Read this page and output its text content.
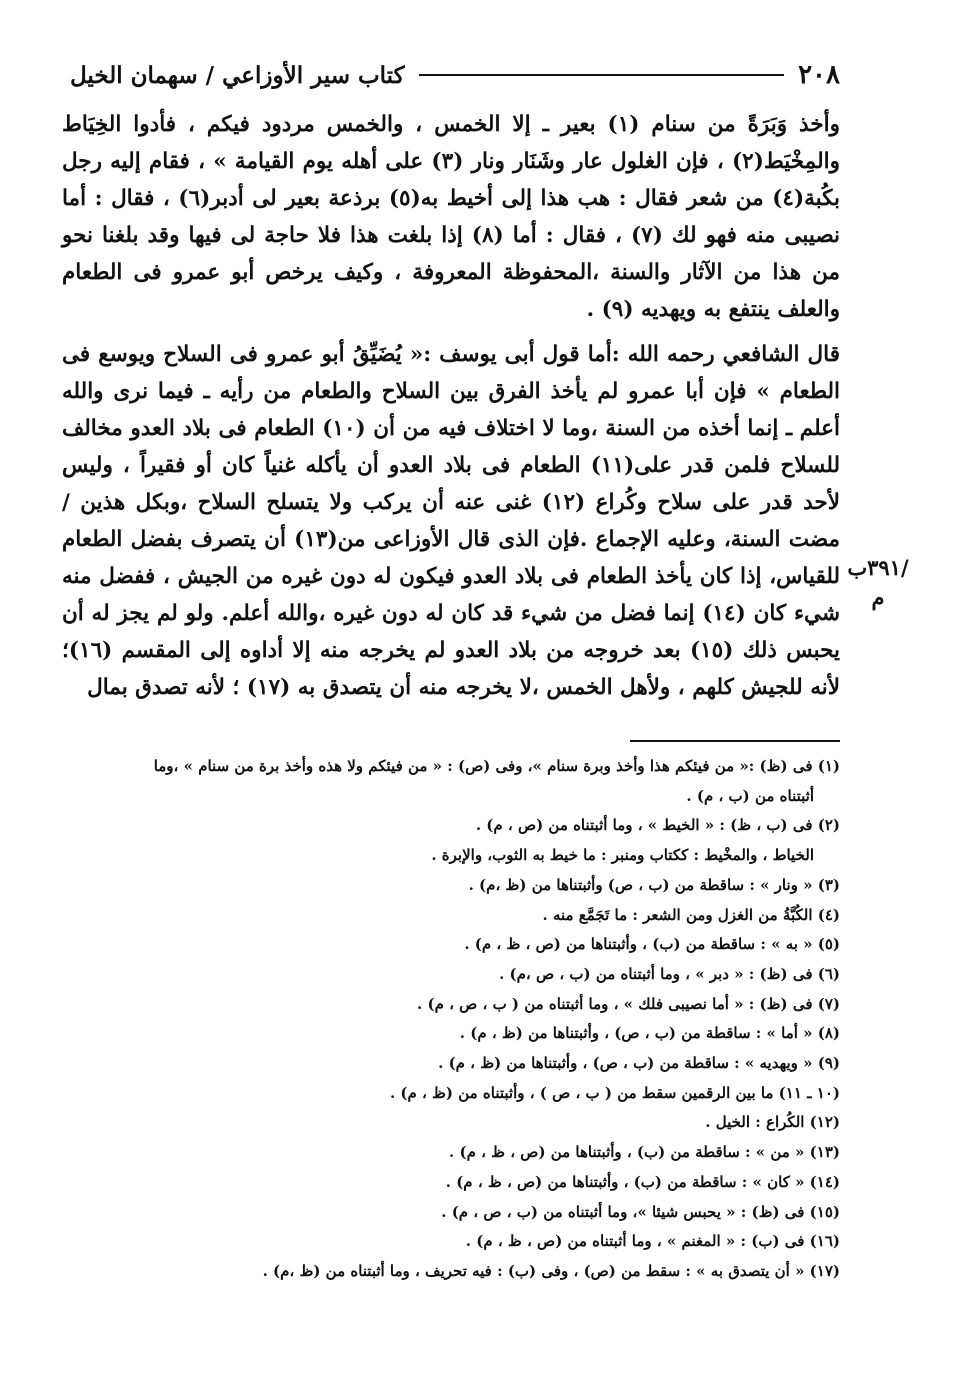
٢٠٨
كتاب سير الأوزاعي / سهمان الخيل

وأخذ وَبَرَةً من سنام (١) بعير ـ إلا الخمس ، والخمس مردود فيكم ، فأدوا الخِيَاط والمِخْيَط(٢) ، فإن الغلول عار وشَنَار ونار (٣) على أهله يوم القيامة » ، فقام إليه رجل بكُبة(٤) من شعر فقال : هب هذا إلى أخيط به(٥) برذعة بعير لى أدبر(٦) ، فقال : أما نصيبى منه فهو لك (٧) ، فقال : أما (٨) إذا بلغت هذا فلا حاجة لى فيها وقد بلغنا نحو من هذا من الآثار والسنة ،المحفوظة المعروفة ، وكيف يرخص أبو عمرو فى الطعام والعلف ينتفع به ويهديه (٩) .

قال الشافعي رحمه الله :أما قول أبى يوسف :« يُضَيِّقُ أبو عمرو فى السلاح ويوسع فى الطعام » فإن أبا عمرو لم يأخذ الفرق بين السلاح والطعام من رأيه ـ فيما نرى والله أعلم ـ إنما أخذه من السنة ،وما لا اختلاف فيه من أن (١٠) الطعام فى بلاد العدو مخالف للسلاح فلمن قدر على(١١) الطعام فى بلاد العدو أن يأكله غنياً كان أو فقيراً ، وليس لأحد قدر على سلاح وكُراع (١٢) غنى عنه أن يركب ولا يتسلح السلاح ،وبكل هذين /مضت السنة، وعليه الإجماع .فإن الذى قال الأوزاعى من(١٣) أن يتصرف بفضل الطعام للقياس، إذا كان يأخذ الطعام فى بلاد العدو فيكون له دون غيره من الجيش ، ففضل منه شيء كان (١٤) إنما فضل من شيء قد كان له دون غيره ،والله أعلم. ولو لم يجز له أن يحبس ذلك (١٥) بعد خروجه من بلاد العدو لم يخرجه منه إلا أداوه إلى المقسم (١٦)؛لأنه للجيش كلهم ، ولأهل الخمس ،لا يخرجه منه أن يتصدق به (١٧) ؛ لأنه تصدق بمال

/٣٩١ب
م
(١) فى (ظ) :« من فيئكم هذا وأخذ وبرة سنام »، وفى (ص) : « من فيئكم ولا هذه وأخذ برة من سنام » ،وما
أثبتناه من (ب ، م) .
(٢) فى (ب ، ظ) : « الخيط » ، وما أثبتناه من (ص ، م) .
الخياط ، والمخْيط : ككتاب ومنبر : ما خيط به الثوب، والإبرة .
(٣) « ونار » : ساقطة من (ب ، ص) وأثبتناها من (ظ ،م) .
(٤) الكُبَّةُ من الغزل ومن الشعر : ما تَجَمَّع منه .
(٥) « به » : ساقطة من (ب) ، وأثبتناها من (ص ، ظ ، م) .
(٦) فى (ظ) : « دبر » ، وما أثبتناه من (ب ، ص ،م) .
(٧) فى (ظ) : « أما نصيبى فلك » ، وما أثبتناه من ( ب ، ص ، م) .
(٨) « أما » : ساقطة من (ب ، ص) ، وأثبتناها من (ظ ، م) .
(٩) « ويهديه » : ساقطة من (ب ، ص) ، وأثبتناها من (ظ ، م) .
(١٠ ـ ١١) ما بين الرقمين سقط من ( ب ، ص ) ، وأثبتناه من (ظ ، م) .
(١٢) الكُراع : الخيل .
(١٣) « من » : ساقطة من (ب) ، وأثبتناها من (ص ، ظ ، م) .
(١٤) « كان » : ساقطة من (ب) ، وأثبتناها من (ص ، ظ ، م) .
(١٥) فى (ظ) : « يحبس شيئا »، وما أثبتناه من (ب ، ص ، م) .
(١٦) فى (ب) : « المغنم » ، وما أثبتناه من (ص ، ظ ، م) .
(١٧) « أن يتصدق به » : سقط من (ص) ، وفى (ب) : فيه تحريف ، وما أثبتناه من (ظ ،م) .
